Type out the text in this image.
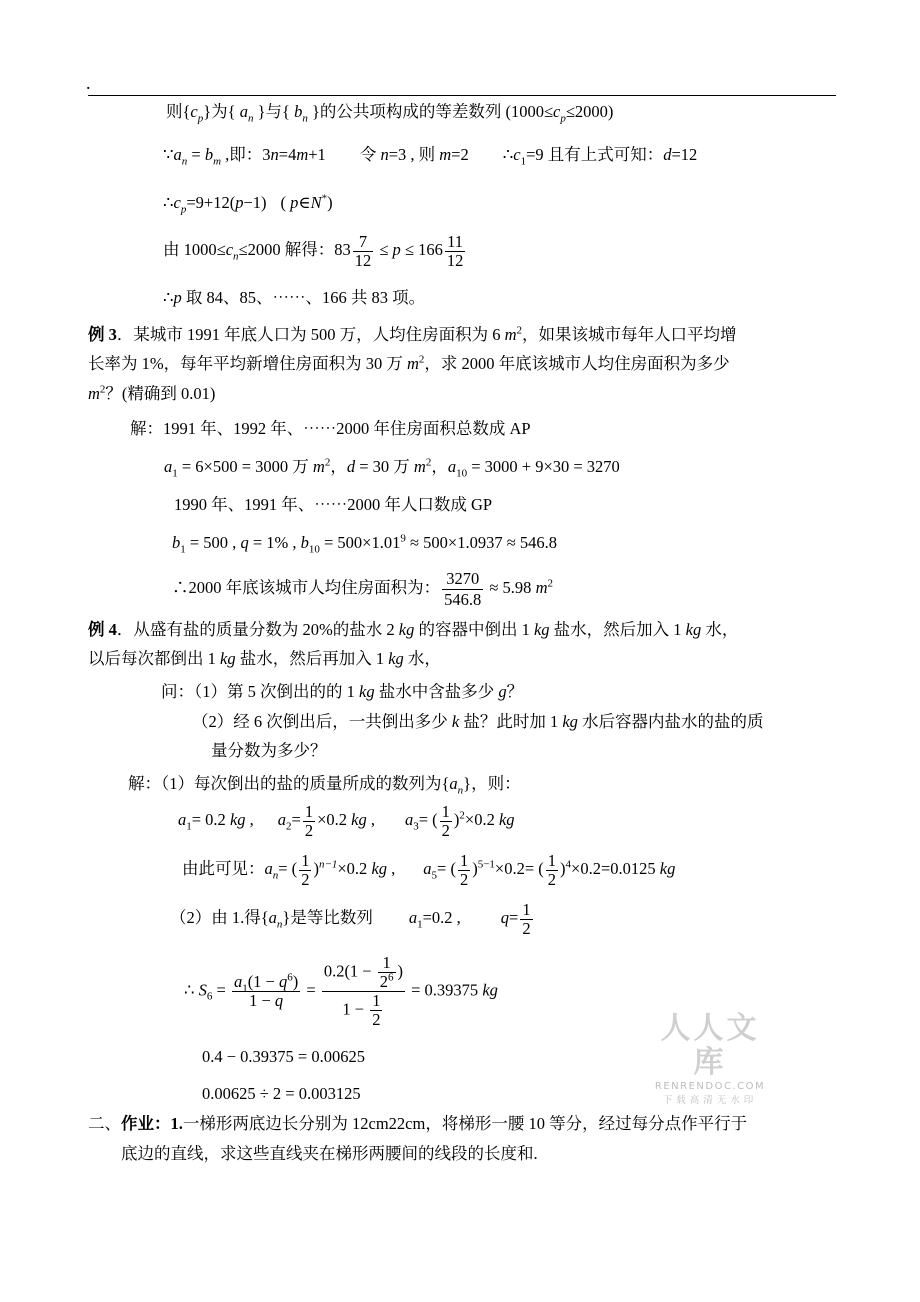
.
则$\{c_p\}$为{ $a_n$ }与{ $b_n$ }的公共项构成的等差数列 $(1000\le c_p\le 2000)$
$\because a_n = b_m$ ,即：3n=4m+1 令 n=3 , 则 m=2 $\therefore c_1=9$ 且有上式可知：d=12
$\therefore c_p=9+12(p-1)$ ( p∈N*)
由 $1000\le c_n\le 2000$ 解得：$83 \frac{7}{12} \le p \le 166 \frac{11}{12}$
∴p 取 84、85、⋯⋯、166 共 83 项。
例 3．某城市 1991 年底人口为 500 万，人均住房面积为 6 $m^2$，如果该城市每年人口平均增
长率为 1%，每年平均新增住房面积为 30 万 $m^2$，求 2000 年底该城市人均住房面积为多少
$m^2$？(精确到 0.01)
解：1991 年、1992 年、⋯⋯2000 年住房面积总数成 AP
$a_1 = 6\times 500 = 3000$ 万 $m^2$，d = 30 万 $m^2$，$a_{10} = 3000 + 9\times 30 = 3270$
1990 年、1991 年、⋯⋯2000 年人口数成 GP
$b_1 = 500$ , q = 1% , $b_{10} = 500\times 1.01^9 \approx 500\times 1.0937 \approx 546.8$
∴2000 年底该城市人均住房面积为： $\frac{3270}{546.8} \approx 5.98$ $m^2$
例 4．从盛有盐的质量分数为 20%的盐水 2 kg 的容器中倒出 1 kg 盐水，然后加入 1 kg 水，
以后每次都倒出 1 kg 盐水，然后再加入 1 kg 水，
问：（1）第 5 次倒出的的 1 kg 盐水中含盐多少 g？
（2）经 6 次倒出后，一共倒出多少 k 盐？此时加 1 kg 水后容器内盐水的盐的质
量分数为多少？
解：（1）每次倒出的盐的质量所成的数列为$\{a_n\}$，则：
$a_1= 0.2$ kg , $a_2= \frac{1}{2} \times 0.2$ kg , $a_3=$ ( $\frac{1}{2} )^2\times 0.2$ kg
由此可见：$a_n=$ ( $\frac{1}{2} )^{n-1}\times 0.2$ kg , $a_5=$ ( $\frac{1}{2} )^{5-1}\times 0.2=$ ( $\frac{1}{2} )^4\times 0.2=0.0125$ kg
（2）由 1.得$\{a_n\}$是等比数列 $a_1=0.2$ , $q= \frac{1}{2}$
∴ $S_6 = \frac{a_1(1 - q^6)}{1 - q} = \frac{0.2(1 - \frac{1}{2^6} )}{1 - \frac{1}{2}} = 0.39375$ kg
0.4 − 0.39375 = 0.00625
0.00625 ÷ 2 = 0.003125
二、作业：1.一梯形两底边长分别为 12cm22cm，将梯形一腰 10 等分，经过每分点作平行于
底边的直线，求这些直线夹在梯形两腰间的线段的长度和.
人人文库
RENRENDOC.COM
下载高清无水印
